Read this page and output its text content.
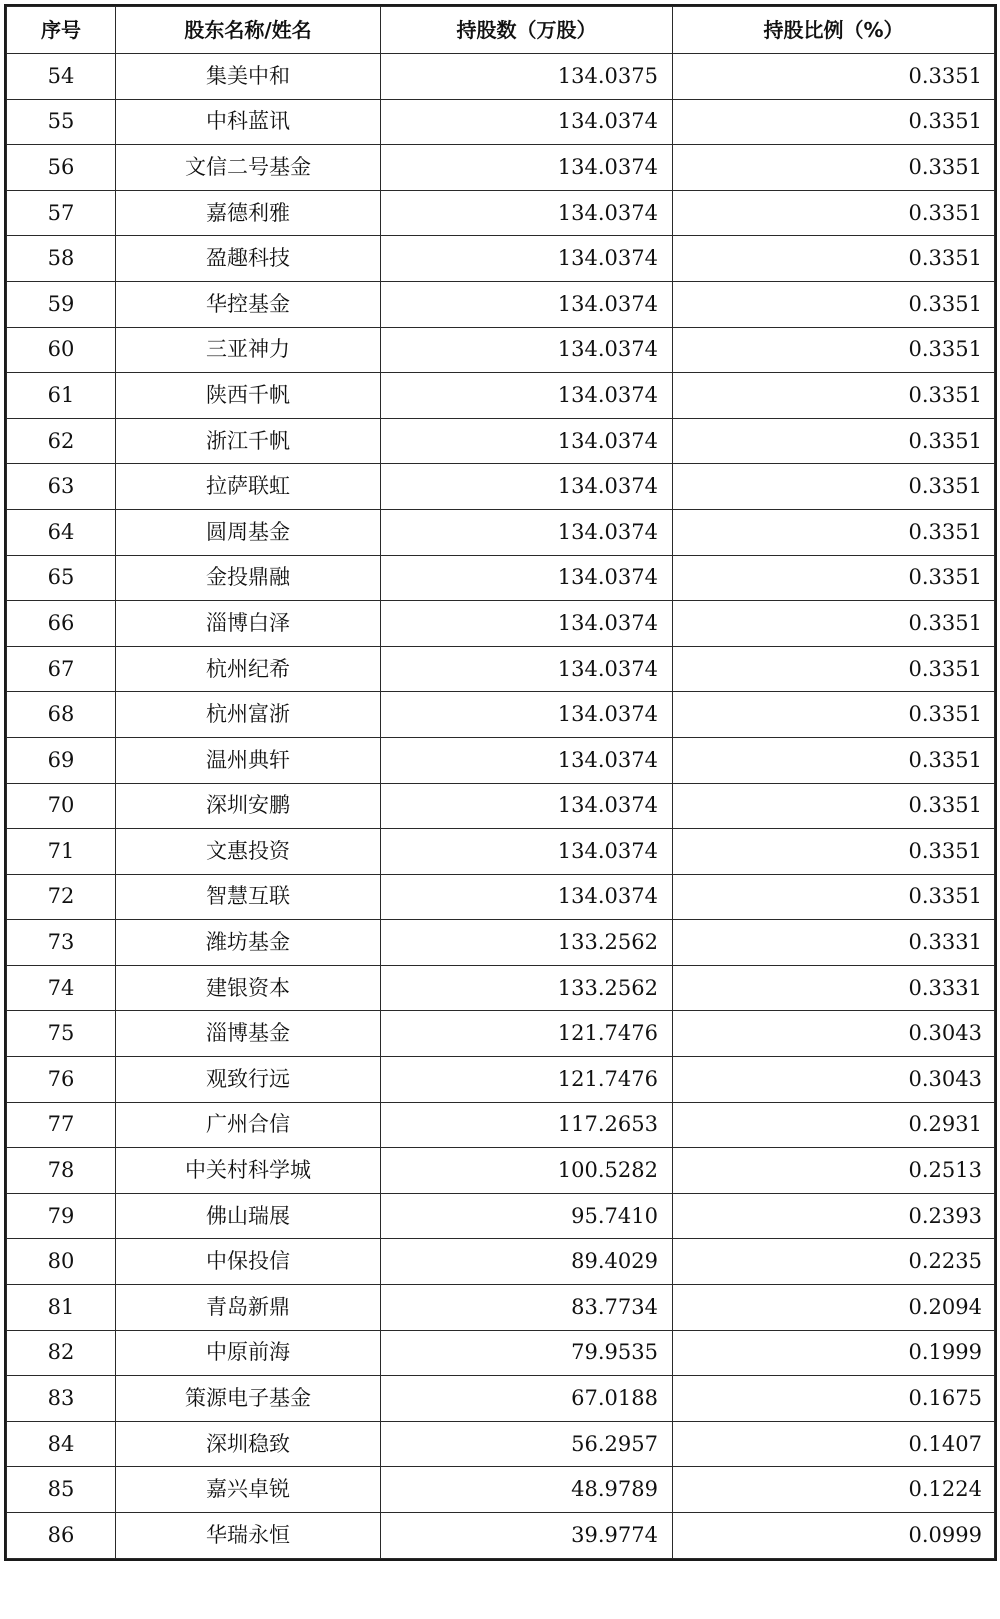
序号	股东名称/姓名	持股数（万股）	持股比例（%）
54	集美中和	134.0375	0.3351
55	中科蓝讯	134.0374	0.3351
56	文信二号基金	134.0374	0.3351
57	嘉德利雅	134.0374	0.3351
58	盈趣科技	134.0374	0.3351
59	华控基金	134.0374	0.3351
60	三亚神力	134.0374	0.3351
61	陕西千帆	134.0374	0.3351
62	浙江千帆	134.0374	0.3351
63	拉萨联虹	134.0374	0.3351
64	圆周基金	134.0374	0.3351
65	金投鼎融	134.0374	0.3351
66	淄博白泽	134.0374	0.3351
67	杭州纪希	134.0374	0.3351
68	杭州富浙	134.0374	0.3351
69	温州典轩	134.0374	0.3351
70	深圳安鹏	134.0374	0.3351
71	文惠投资	134.0374	0.3351
72	智慧互联	134.0374	0.3351
73	潍坊基金	133.2562	0.3331
74	建银资本	133.2562	0.3331
75	淄博基金	121.7476	0.3043
76	观致行远	121.7476	0.3043
77	广州合信	117.2653	0.2931
78	中关村科学城	100.5282	0.2513
79	佛山瑞展	95.7410	0.2393
80	中保投信	89.4029	0.2235
81	青岛新鼎	83.7734	0.2094
82	中原前海	79.9535	0.1999
83	策源电子基金	67.0188	0.1675
84	深圳稳致	56.2957	0.1407
85	嘉兴卓锐	48.9789	0.1224
86	华瑞永恒	39.9774	0.0999
